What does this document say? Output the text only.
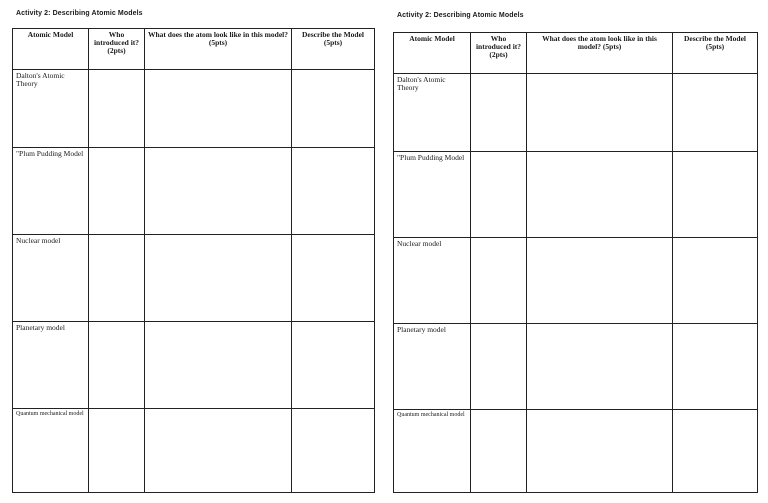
Activity 2: Describing Atomic Models
Atomic Model	Who introduced it? (2pts)	What does the atom look like in this model? (5pts)	Describe the Model (5pts)
Dalton's Atomic Theory			
"Plum Pudding Model			
Nuclear model			
Planetary model			
Quantum mechanical model			
Activity 2: Describing Atomic Models
Atomic Model	Who introduced it? (2pts)	What does the atom look like in this model? (5pts)	Describe the Model (5pts)
Dalton's Atomic Theory			
"Plum Pudding Model			
Nuclear model			
Planetary model			
Quantum mechanical model			
